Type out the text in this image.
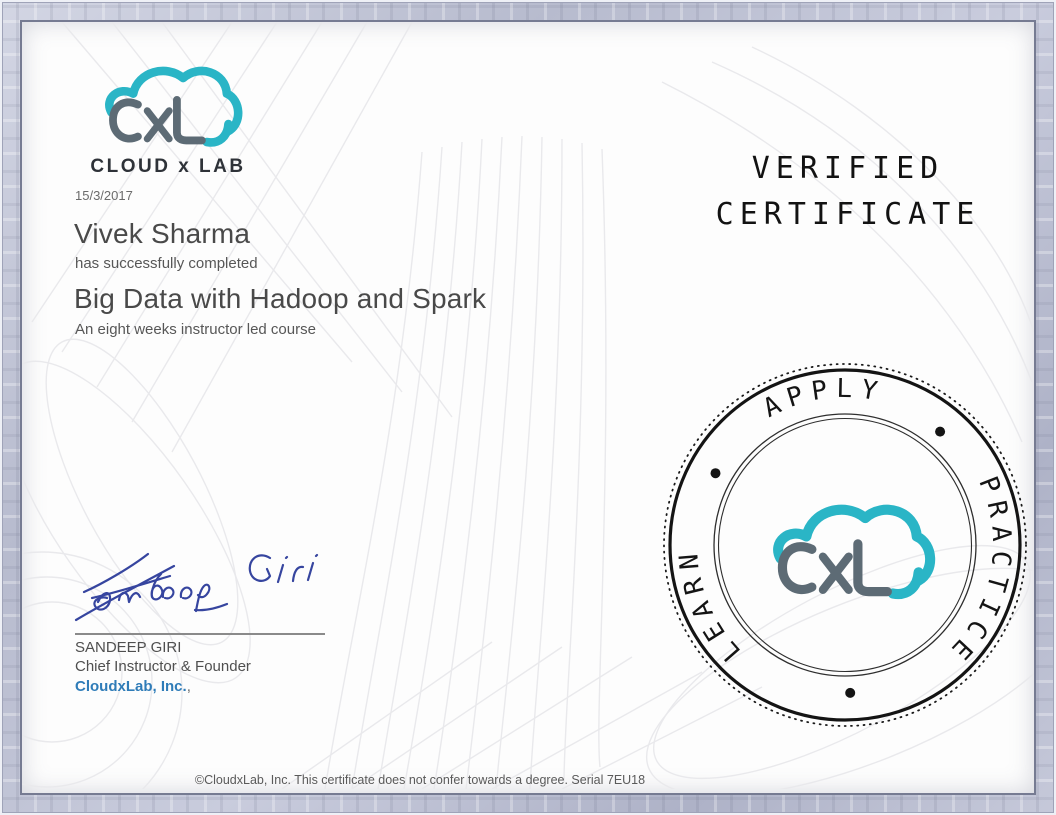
CLOUD x LAB
15/3/2017
Vivek Sharma
has successfully completed
Big Data with Hadoop and Spark
An eight weeks instructor led course
VERIFIED
CERTIFICATE
APPLY
PRACTICE
LEARN
SANDEEP GIRI
Chief Instructor & Founder
CloudxLab, Inc.,
©CloudxLab, Inc. This certificate does not confer towards a degree. Serial 7EU18
